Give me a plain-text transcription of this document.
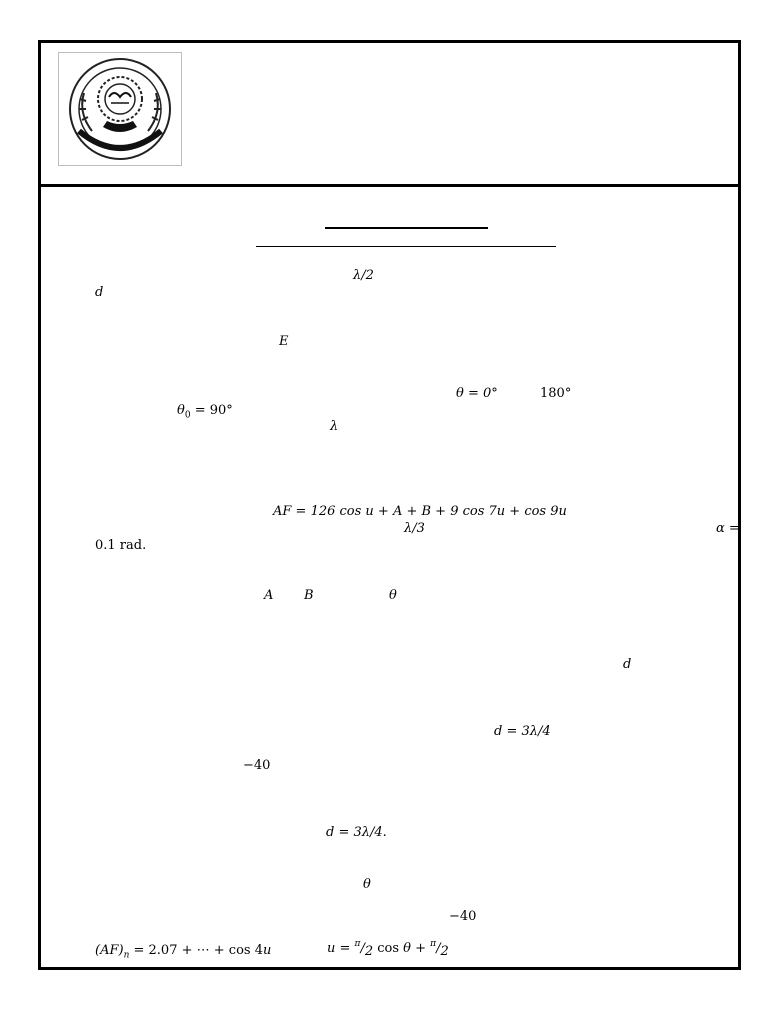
λ/2
d
E
θ = 0°	180°
$\theta_0 = 90^\circ$
λ
AF = 126 cos u + A + B + 9 cos 7u + cos 9u
λ/3	α =
0.1 rad.
A B	θ
d
d = 3λ/4
−40
d = 3λ/4.
θ
−40
$(AF)_n = 2.07$ + ⋯ + cos 4u	u = $^\pi$/2 cos θ + $^\pi$/2
